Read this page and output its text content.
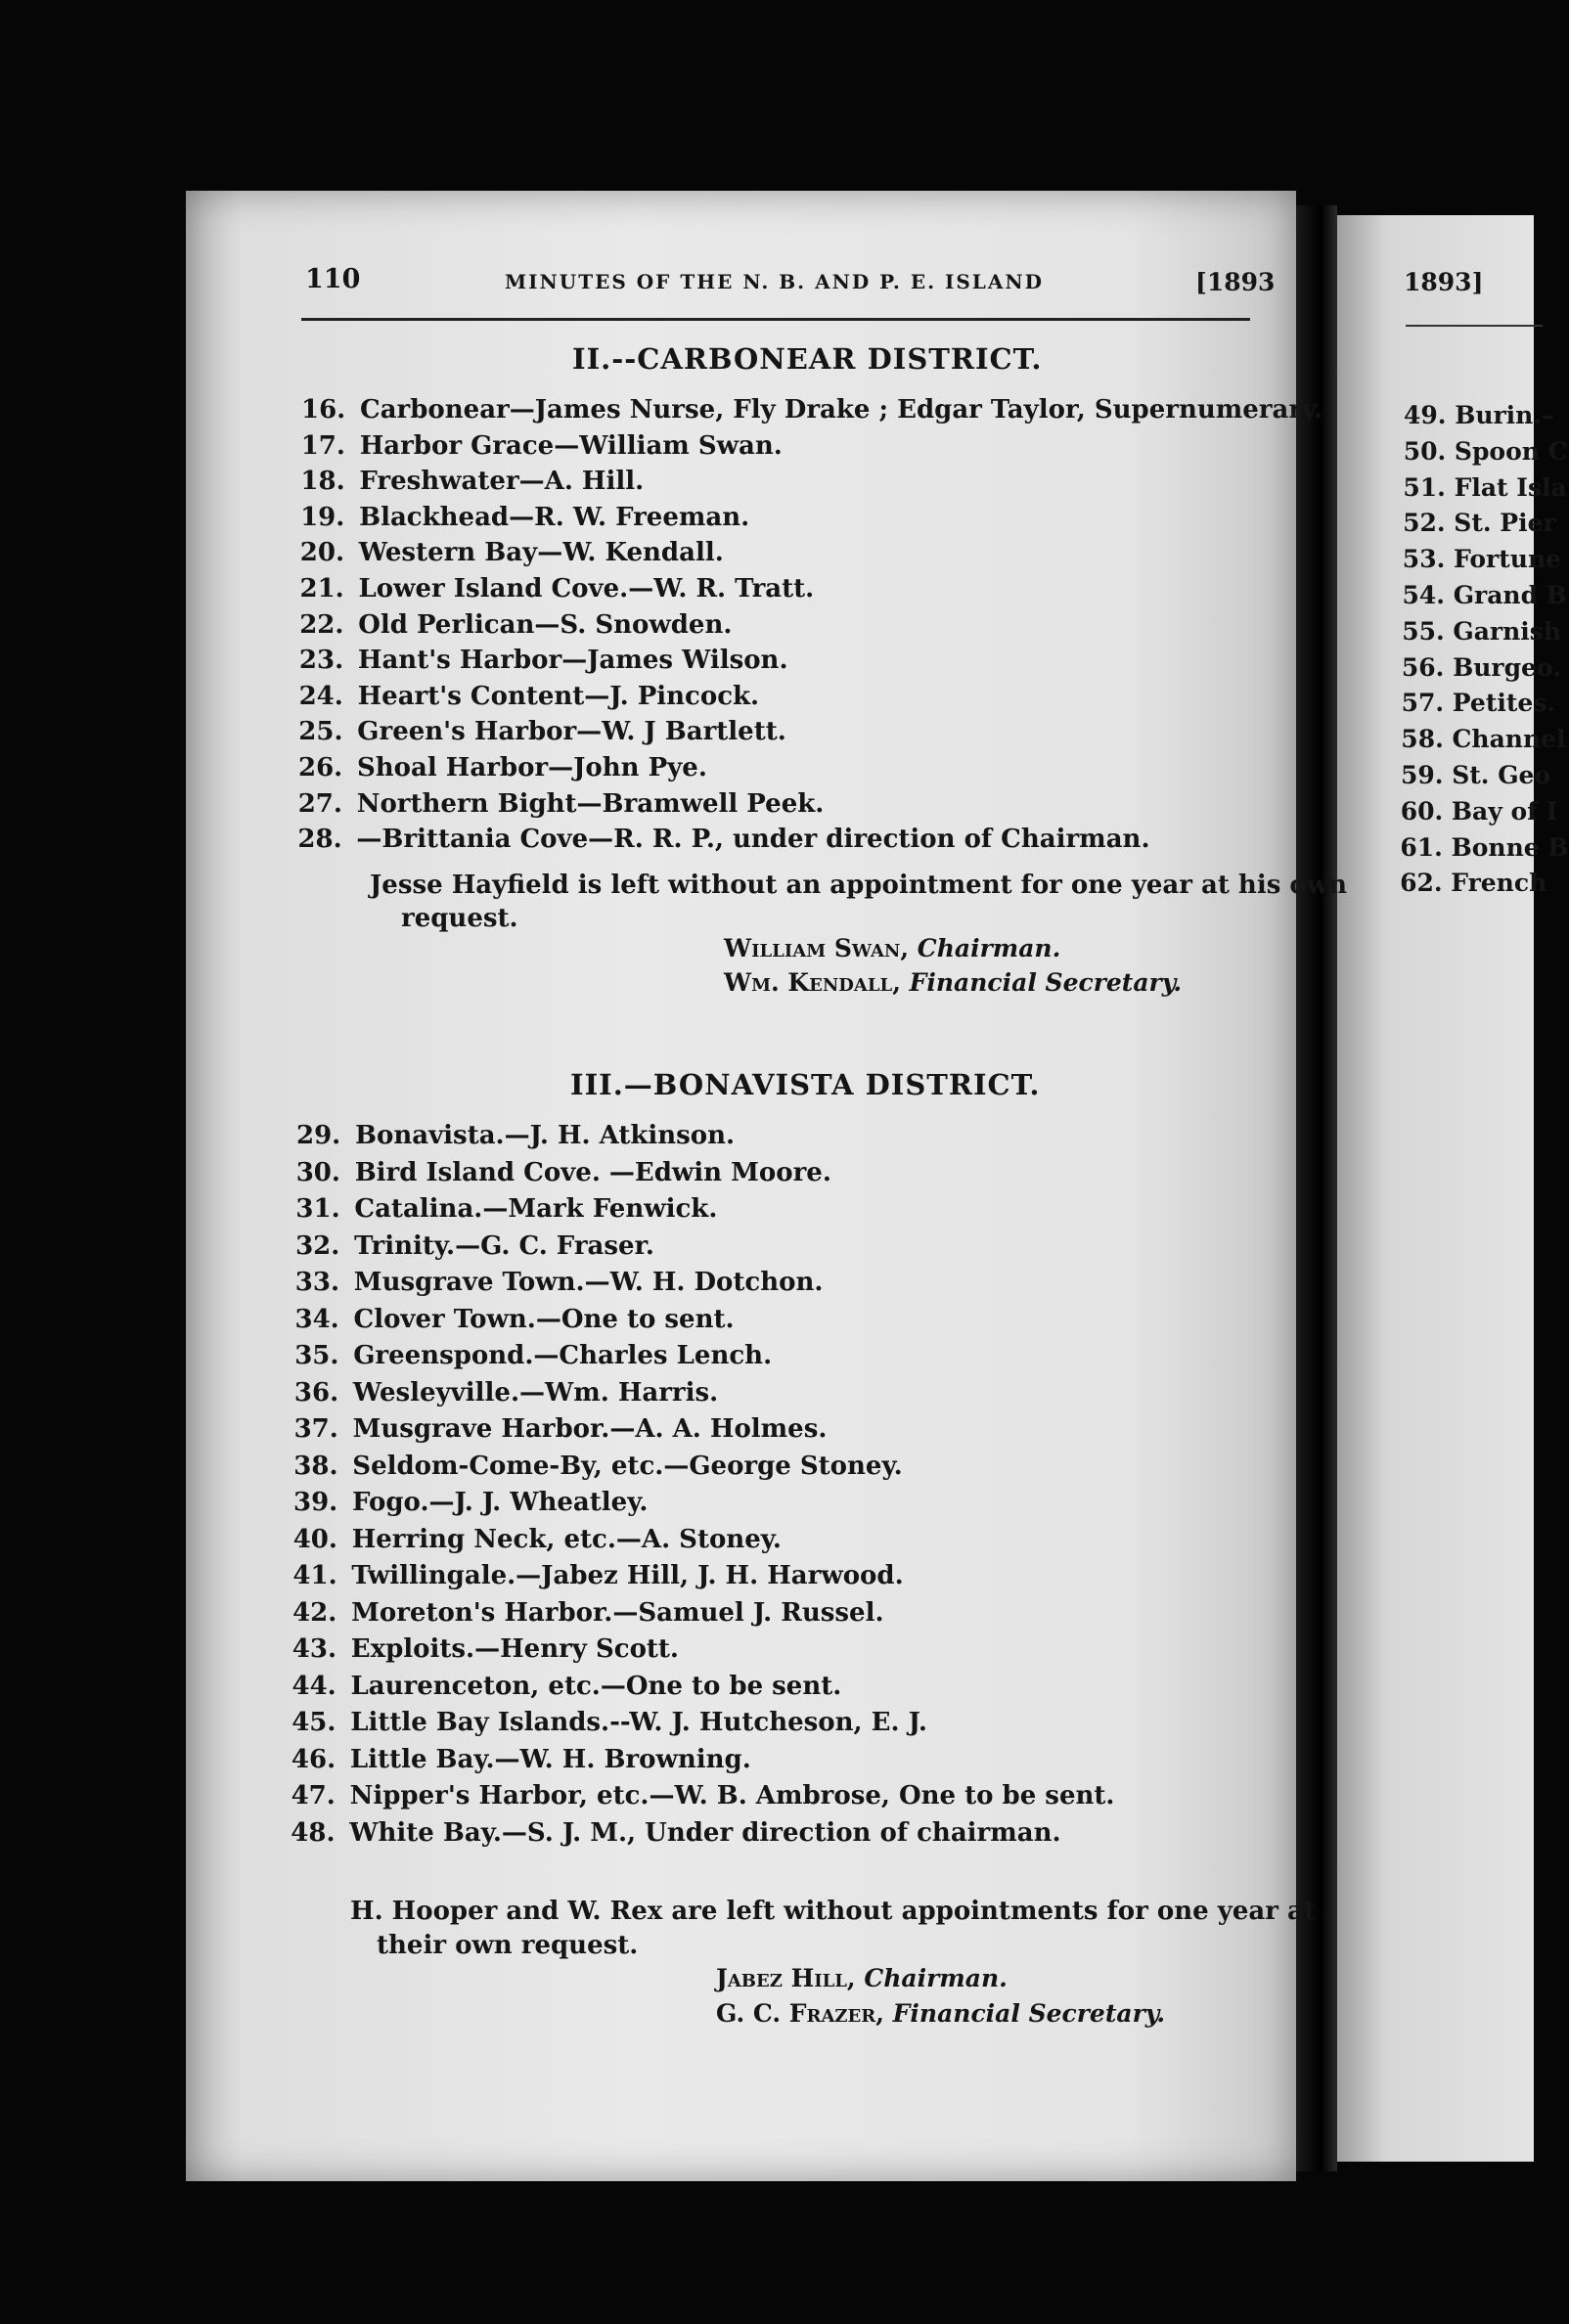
1893]
49. Burin.–
50. Spoon C
51. Flat Isla
52. St. Pier
53. Fortune
54. Grand B
55. Garnish
56. Burgeo.
57. Petites.
58. Channel
59. St. Geo
60. Bay of I
61. Bonne B
62. French
110	MINUTES OF THE N. B. AND P. E. ISLAND	[1893
II.--CARBONEAR DISTRICT.
16. Carbonear—James Nurse, Fly Drake ; Edgar Taylor, Supernumerary.
17. Harbor Grace—William Swan.
18. Freshwater—A. Hill.
19. Blackhead—R. W. Freeman.
20. Western Bay—W. Kendall.
21. Lower Island Cove.—W. R. Tratt.
22. Old Perlican—S. Snowden.
23. Hant's Harbor—James Wilson.
24. Heart's Content—J. Pincock.
25. Green's Harbor—W. J Bartlett.
26. Shoal Harbor—John Pye.
27. Northern Bight—Bramwell Peek.
28. —Brittania Cove—R. R. P., under direction of Chairman.
Jesse Hayfield is left without an appointment for one year at his own
request.
William Swan, Chairman.
Wm. Kendall, Financial Secretary.
III.—BONAVISTA DISTRICT.
29. Bonavista.—J. H. Atkinson.
30. Bird Island Cove. —Edwin Moore.
31. Catalina.—Mark Fenwick.
32. Trinity.—G. C. Fraser.
33. Musgrave Town.—W. H. Dotchon.
34. Clover Town.—One to sent.
35. Greenspond.—Charles Lench.
36. Wesleyville.—Wm. Harris.
37. Musgrave Harbor.—A. A. Holmes.
38. Seldom-Come-By, etc.—George Stoney.
39. Fogo.—J. J. Wheatley.
40. Herring Neck, etc.—A. Stoney.
41. Twillingale.—Jabez Hill, J. H. Harwood.
42. Moreton's Harbor.—Samuel J. Russel.
43. Exploits.—Henry Scott.
44. Laurenceton, etc.—One to be sent.
45. Little Bay Islands.--W. J. Hutcheson, E. J.
46. Little Bay.—W. H. Browning.
47. Nipper's Harbor, etc.—W. B. Ambrose, One to be sent.
48. White Bay.—S. J. M., Under direction of chairman.
H. Hooper and W. Rex are left without appointments for one year at
their own request.
Jabez Hill, Chairman.
G. C. Frazer, Financial Secretary.
